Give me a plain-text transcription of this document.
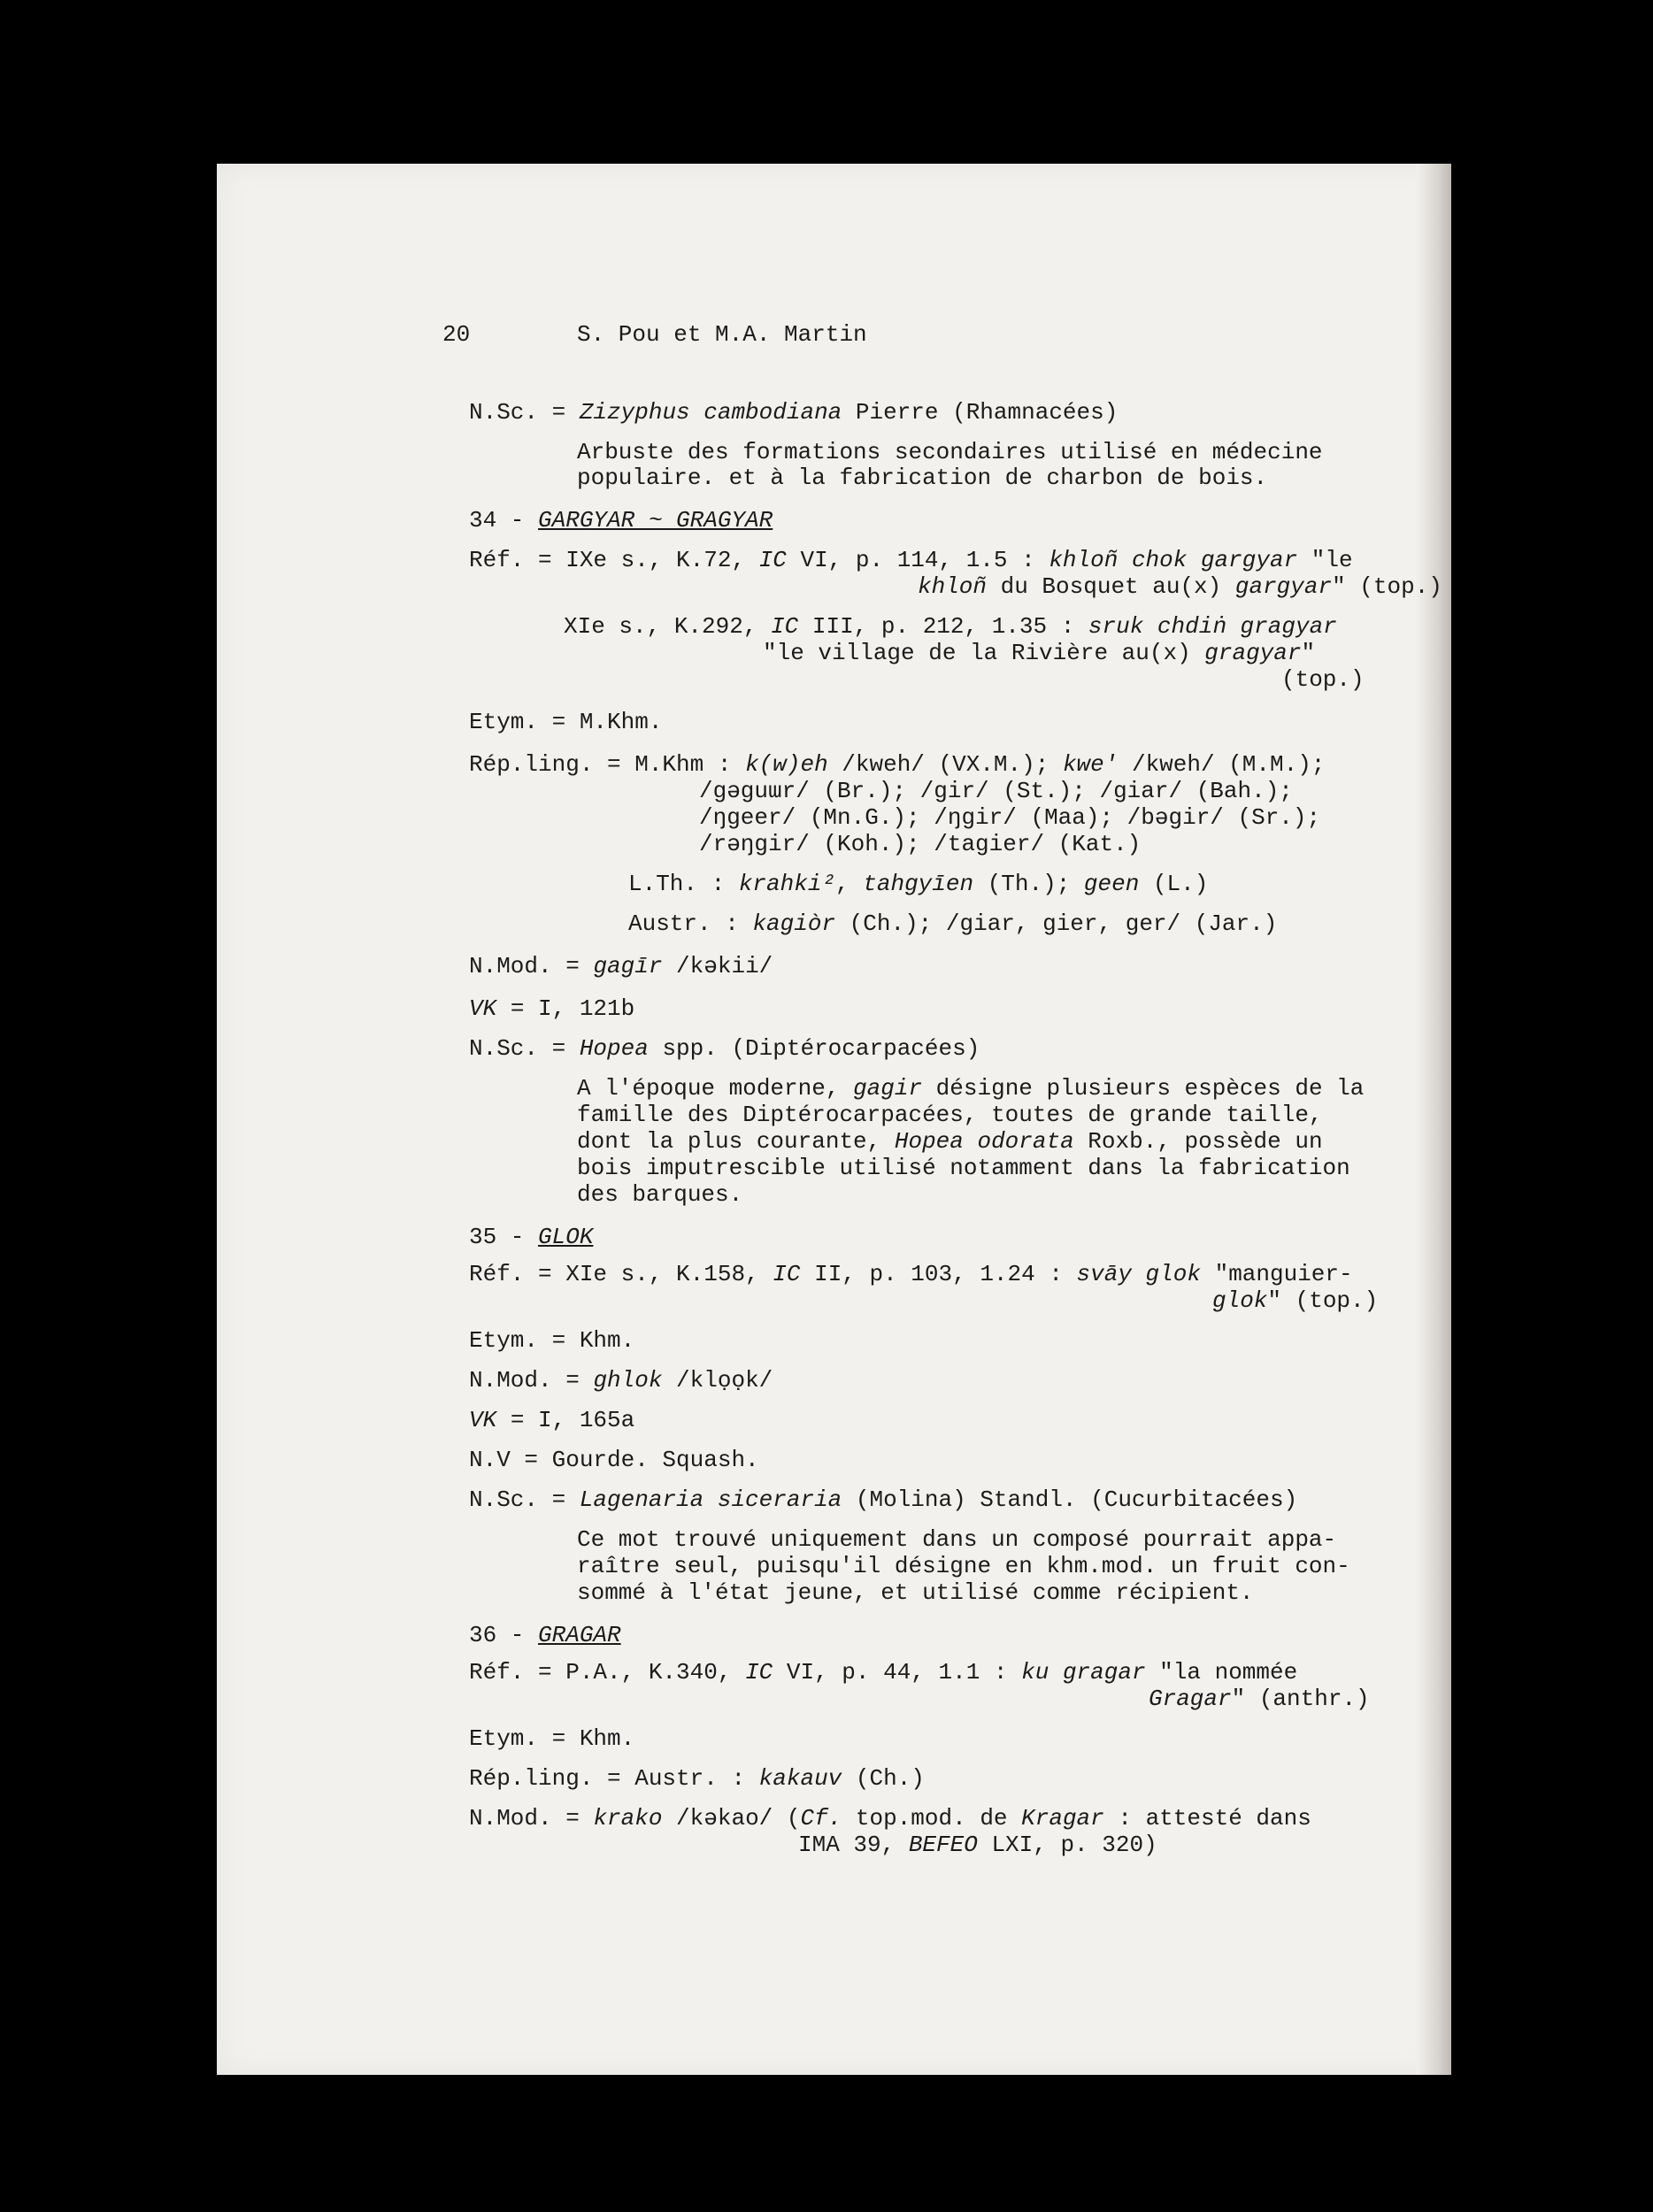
20	S. Pou et M.A. Martin
N.Sc. = Zizyphus cambodiana Pierre (Rhamnacées)
Arbuste des formations secondaires utilisé en médecine
populaire. et à la fabrication de charbon de bois.
34 - GARGYAR ~ GRAGYAR
Réf. = IXe s., K.72, IC VI, p. 114, 1.5 : khloñ chok gargyar "le
khloñ du Bosquet au(x) gargyar" (top.)
XIe s., K.292, IC III, p. 212, 1.35 : sruk chdiṅ gragyar
"le village de la Rivière au(x) gragyar"
(top.)
Etym. = M.Khm.
Rép.ling. = M.Khm : k(w)eh /kweh/ (VX.M.); kwe' /kweh/ (M.M.);
/gəguɯr/ (Br.); /gir/ (St.); /giar/ (Bah.);
/ŋgeer/ (Mn.G.); /ŋgir/ (Maa); /bəgir/ (Sr.);
/rəŋgir/ (Koh.); /tagier/ (Kat.)
L.Th. : krahki², tahgyīen (Th.); geen (L.)
Austr. : kagiòr (Ch.); /giar, gier, ger/ (Jar.)
N.Mod. = gagīr /kəkii/
VK = I, 121b
N.Sc. = Hopea spp. (Diptérocarpacées)
A l'époque moderne, gagir désigne plusieurs espèces de la
famille des Diptérocarpacées, toutes de grande taille,
dont la plus courante, Hopea odorata Roxb., possède un
bois imputrescible utilisé notamment dans la fabrication
des barques.
35 - GLOK
Réf. = XIe s., K.158, IC II, p. 103, 1.24 : svāy glok "manguier-
glok" (top.)
Etym. = Khm.
N.Mod. = ghlok /klọọk/
VK = I, 165a
N.V = Gourde. Squash.
N.Sc. = Lagenaria siceraria (Molina) Standl. (Cucurbitacées)
Ce mot trouvé uniquement dans un composé pourrait appa-
raître seul, puisqu'il désigne en khm.mod. un fruit con-
sommé à l'état jeune, et utilisé comme récipient.
36 - GRAGAR
Réf. = P.A., K.340, IC VI, p. 44, 1.1 : ku gragar "la nommée
Gragar" (anthr.)
Etym. = Khm.
Rép.ling. = Austr. : kakauv (Ch.)
N.Mod. = krako /kəkao/ (Cf. top.mod. de Kragar : attesté dans
IMA 39, BEFEO LXI, p. 320)
